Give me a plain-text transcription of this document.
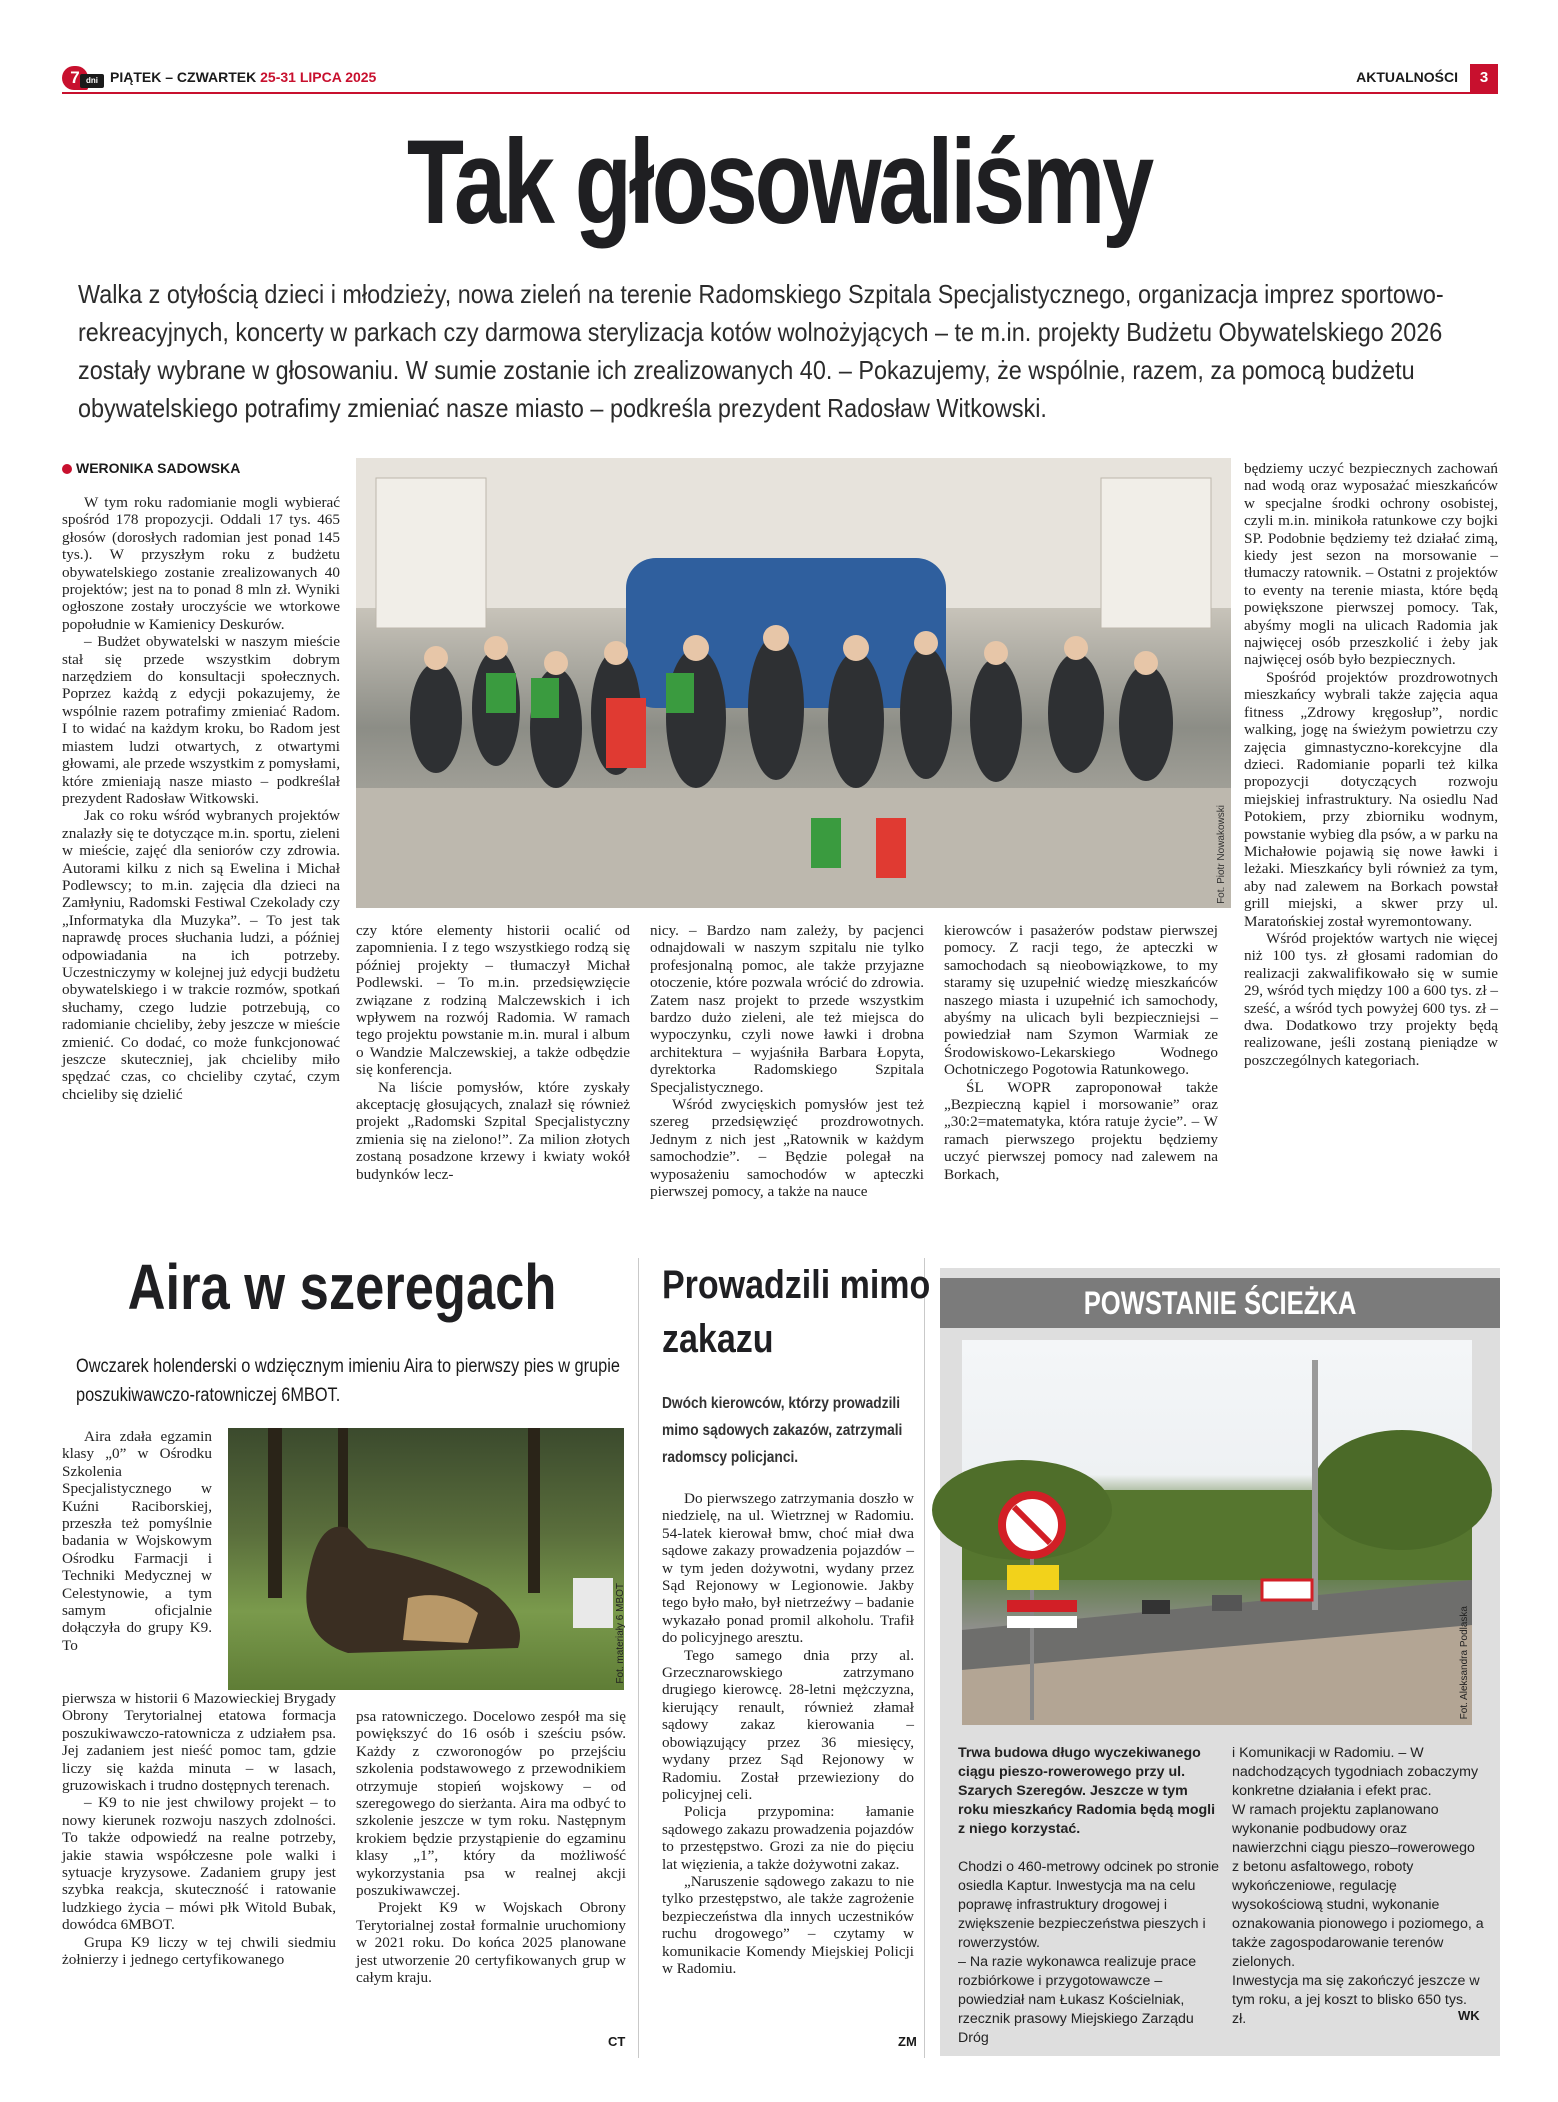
7 dni PIĄTEK – CZWARTEK 25-31 LIPCA 2025	AKTUALNOŚCI	3
Tak głosowaliśmy

Walka z otyłością dzieci i młodzieży, nowa zieleń na terenie Radomskiego Szpitala Specjalistycznego, organizacja imprez sportowo-rekreacyjnych, koncerty w parkach czy darmowa sterylizacja kotów wolnożyjących – te m.in. projekty Budżetu Obywatelskiego 2026 zostały wybrane w głosowaniu. W sumie zostanie ich zrealizowanych 40. – Pokazujemy, że wspólnie, razem, za pomocą budżetu obywatelskiego potrafimy zmieniać nasze miasto – podkreśla prezydent Radosław Witkowski.

WERONIKA SADOWSKA

W tym roku radomianie mogli wybierać spośród 178 propozycji. Oddali 17 tys. 465 głosów (dorosłych radomian jest ponad 145 tys.). W przyszłym roku z budżetu obywatelskiego zostanie zrealizowanych 40 projektów; jest na to ponad 8 mln zł. Wyniki ogłoszone zostały uroczyście we wtorkowe popołudnie w Kamienicy Deskurów.

– Budżet obywatelski w naszym mieście stał się przede wszystkim dobrym narzędziem do konsultacji społecznych. Poprzez każdą z edycji pokazujemy, że wspólnie razem potrafimy zmieniać Radom. I to widać na każdym kroku, bo Radom jest miastem ludzi otwartych, z otwartymi głowami, ale przede wszystkim z pomysłami, które zmieniają nasze miasto – podkreślał prezydent Radosław Witkowski.

Jak co roku wśród wybranych projektów znalazły się te dotyczące m.in. sportu, zieleni w mieście, zajęć dla seniorów czy zdrowia. Autorami kilku z nich są Ewelina i Michał Podlewscy; to m.in. zajęcia dla dzieci na Zamłyniu, Radomski Festiwal Czekolady czy „Informatyka dla Muzyka”. – To jest tak naprawdę proces słuchania ludzi, a później odpowiadania na ich potrzeby. Uczestniczymy w kolejnej już edycji budżetu obywatelskiego i w trakcie rozmów, spotkań słuchamy, czego ludzie potrzebują, co radomianie chcieliby, żeby jeszcze w mieście zmienić. Co dodać, co może funkcjonować jeszcze skuteczniej, jak chcieliby miło spędzać czas, co chcieliby czytać, czym chcieliby się dzielić

Fot. Piotr Nowakowski

czy które elementy historii ocalić od zapomnienia. I z tego wszystkiego rodzą się później projekty – tłumaczył Michał Podlewski. – To m.in. przedsięwzięcie związane z rodziną Malczewskich i ich wpływem na rozwój Radomia. W ramach tego projektu powstanie m.in. mural i album o Wandzie Malczewskiej, a także odbędzie się konferencja.

Na liście pomysłów, które zyskały akceptację głosujących, znalazł się również projekt „Radomski Szpital Specjalistyczny zmienia się na zielono!”. Za milion złotych zostaną posadzone krzewy i kwiaty wokół budynków lecz-

nicy. – Bardzo nam zależy, by pacjenci odnajdowali w naszym szpitalu nie tylko profesjonalną pomoc, ale także przyjazne otoczenie, które pozwala wrócić do zdrowia. Zatem nasz projekt to przede wszystkim bardzo dużo zieleni, ale też miejsca do wypoczynku, czyli nowe ławki i drobna architektura – wyjaśniła Barbara Łopyta, dyrektorka Radomskiego Szpitala Specjalistycznego.

Wśród zwycięskich pomysłów jest też szereg przedsięwzięć prozdrowotnych. Jednym z nich jest „Ratownik w każdym samochodzie”. – Będzie polegał na wyposażeniu samochodów w apteczki pierwszej pomocy, a także na nauce

kierowców i pasażerów podstaw pierwszej pomocy. Z racji tego, że apteczki w samochodach są nieobowiązkowe, to my staramy się uzupełnić wiedzę mieszkańców naszego miasta i uzupełnić ich samochody, abyśmy na ulicach byli bezpieczniejsi – powiedział nam Szymon Warmiak ze Środowiskowo-Lekarskiego Wodnego Ochotniczego Pogotowia Ratunkowego.

ŚL WOPR zaproponował także „Bezpieczną kąpiel i morsowanie” oraz „30:2=matematyka, która ratuje życie”. – W ramach pierwszego projektu będziemy uczyć pierwszej pomocy nad zalewem na Borkach,

będziemy uczyć bezpiecznych zachowań nad wodą oraz wyposażać mieszkańców w specjalne środki ochrony osobistej, czyli m.in. minikoła ratunkowe czy bojki SP. Podobnie będziemy też działać zimą, kiedy jest sezon na morsowanie – tłumaczy ratownik. – Ostatni z projektów to eventy na terenie miasta, które będą powiększone pierwszej pomocy. Tak, abyśmy mogli na ulicach Radomia jak najwięcej osób przeszkolić i żeby jak najwięcej osób było bezpiecznych.

Spośród projektów prozdrowotnych mieszkańcy wybrali także zajęcia aqua fitness „Zdrowy kręgosłup”, nordic walking, jogę na świeżym powietrzu czy zajęcia gimnastyczno-korekcyjne dla dzieci. Radomianie poparli też kilka propozycji dotyczących rozwoju miejskiej infrastruktury. Na osiedlu Nad Potokiem, przy zbiorniku wodnym, powstanie wybieg dla psów, a w parku na Michałowie pojawią się nowe ławki i leżaki. Mieszkańcy byli również za tym, aby nad zalewem na Borkach powstał grill miejski, a skwer przy ul. Maratońskiej został wyremontowany.

Wśród projektów wartych nie więcej niż 100 tys. zł głosami radomian do realizacji zakwalifikowało się w sumie 29, wśród tych między 100 a 600 tys. zł – sześć, a wśród tych powyżej 600 tys. zł – dwa. Dodatkowo trzy projekty będą realizowane, jeśli zostaną pieniądze w poszczególnych kategoriach.

Aira w szeregach

Owczarek holenderski o wdzięcznym imieniu Aira to pierwszy pies w grupie poszukiwawczo-ratowniczej 6MBOT.

Aira zdała egzamin klasy „0” w Ośrodku Szkolenia Specjalistycznego w Kuźni Raciborskiej, przeszła też pomyślnie badania w Wojskowym Ośrodku Farmacji i Techniki Medycznej w Celestynowie, a tym samym oficjalnie dołączyła do grupy K9. To	Fot. materiały 6 MBOT

pierwsza w historii 6 Mazowieckiej Brygady Obrony Terytorialnej etatowa formacja poszukiwawczo-ratownicza z udziałem psa. Jej zadaniem jest nieść pomoc tam, gdzie liczy się każda minuta – w lasach, gruzowiskach i trudno dostępnych terenach.

– K9 to nie jest chwilowy projekt – to nowy kierunek rozwoju naszych zdolności. To także odpowiedź na realne potrzeby, jakie stawia współczesne pole walki i sytuacje kryzysowe. Zadaniem grupy jest szybka reakcja, skuteczność i ratowanie ludzkiego życia – mówi płk Witold Bubak, dowódca 6MBOT.

Grupa K9 liczy w tej chwili siedmiu żołnierzy i jednego certyfikowanego

psa ratowniczego. Docelowo zespół ma się powiększyć do 16 osób i sześciu psów. Każdy z czworonogów po przejściu szkolenia podstawowego z przewodnikiem otrzymuje stopień wojskowy – od szeregowego do sierżanta. Aira ma odbyć to szkolenie jeszcze w tym roku. Następnym krokiem będzie przystąpienie do egzaminu klasy „1”, który da możliwość wykorzystania psa w realnej akcji poszukiwawczej.

Projekt K9 w Wojskach Obrony Terytorialnej został formalnie uruchomiony w 2021 roku. Do końca 2025 planowane jest utworzenie 20 certyfikowanych grup w całym kraju.

CT
Prowadzili mimo zakazu

Dwóch kierowców, którzy prowadzili mimo sądowych zakazów, zatrzymali radomscy policjanci.

Do pierwszego zatrzymania doszło w niedzielę, na ul. Wietrznej w Radomiu. 54-latek kierował bmw, choć miał dwa sądowe zakazy prowadzenia pojazdów – w tym jeden dożywotni, wydany przez Sąd Rejonowy w Legionowie. Jakby tego było mało, był nietrzeźwy – badanie wykazało ponad promil alkoholu. Trafił do policyjnego aresztu.

Tego samego dnia przy al. Grzecznarowskiego zatrzymano drugiego kierowcę. 28-letni mężczyzna, kierujący renault, również złamał sądowy zakaz kierowania – obowiązujący przez 36 miesięcy, wydany przez Sąd Rejonowy w Radomiu. Został przewieziony do policyjnej celi.

Policja przypomina: łamanie sądowego zakazu prowadzenia pojazdów to przestępstwo. Grozi za nie do pięciu lat więzienia, a także dożywotni zakaz.

„Naruszenie sądowego zakazu to nie tylko przestępstwo, ale także zagrożenie bezpieczeństwa dla innych uczestników ruchu drogowego” – czytamy w komunikacie Komendy Miejskiej Policji w Radomiu.

ZM
POWSTANIE ŚCIEŻKA
Fot. Aleksandra Podlaska

Trwa budowa długo wyczekiwanego ciągu pieszo-rowerowego przy ul. Szarych Szeregów. Jeszcze w tym roku mieszkańcy Radomia będą mogli z niego korzystać.

Chodzi o 460-metrowy odcinek po stronie osiedla Kaptur. Inwestycja ma na celu poprawę infrastruktury drogowej i zwiększenie bezpieczeństwa pieszych i rowerzystów.
– Na razie wykonawca realizuje prace rozbiórkowe i przygotowawcze – powiedział nam Łukasz Kościelniak, rzecznik prasowy Miejskiego Zarządu Dróg

i Komunikacji w Radomiu. – W nadchodzących tygodniach zobaczymy konkretne działania i efekt prac.

W ramach projektu zaplanowano wykonanie podbudowy oraz nawierzchni ciągu pieszo–rowerowego z betonu asfaltowego, roboty wykończeniowe, regulację wysokościową studni, wykonanie oznakowania pionowego i poziomego, a także zagospodarowanie terenów zielonych.

Inwestycja ma się zakończyć jeszcze w tym roku, a jej koszt to blisko 650 tys. zł.	WK
